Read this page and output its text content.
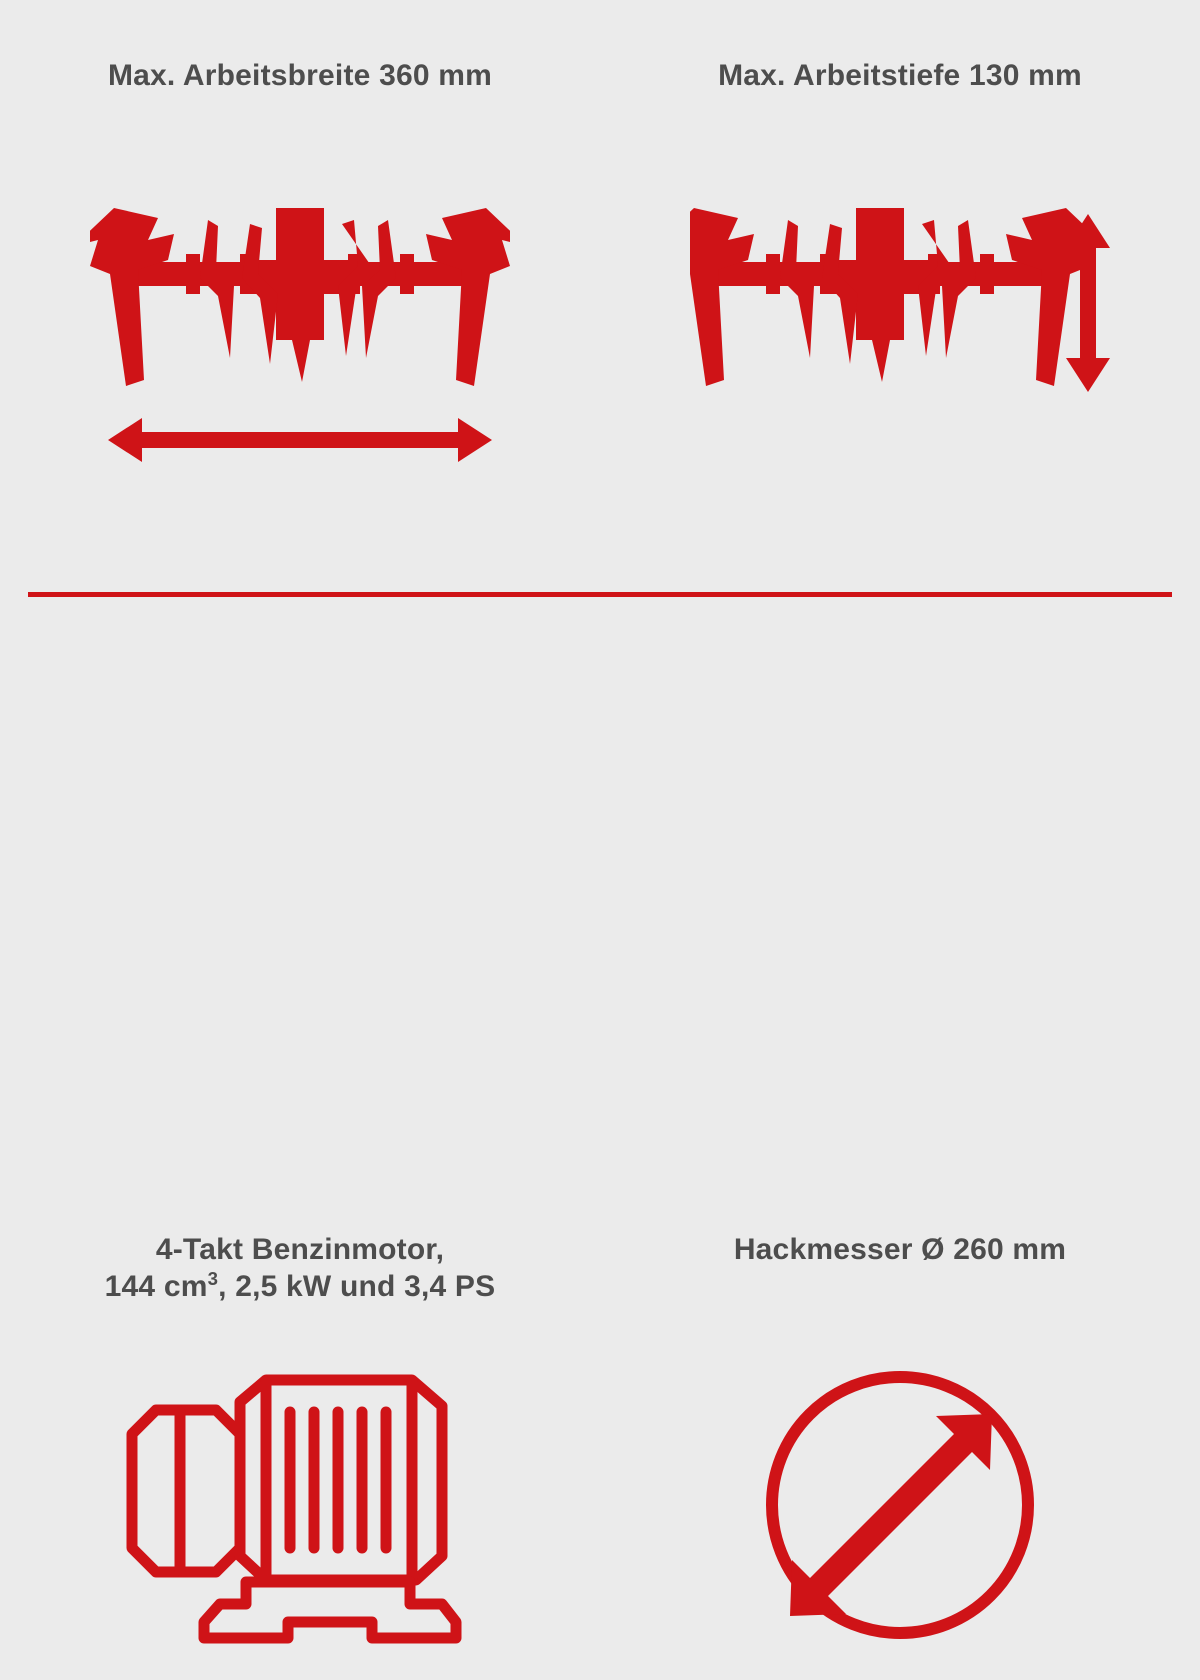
Max. Arbeitsbreite 360 mm	Max. Arbeitstiefe 130 mm
4-Takt Benzinmotor,
144 $cm^3$, 2,5 kW und 3,4 PS
Hackmesser Ø 260 mm
